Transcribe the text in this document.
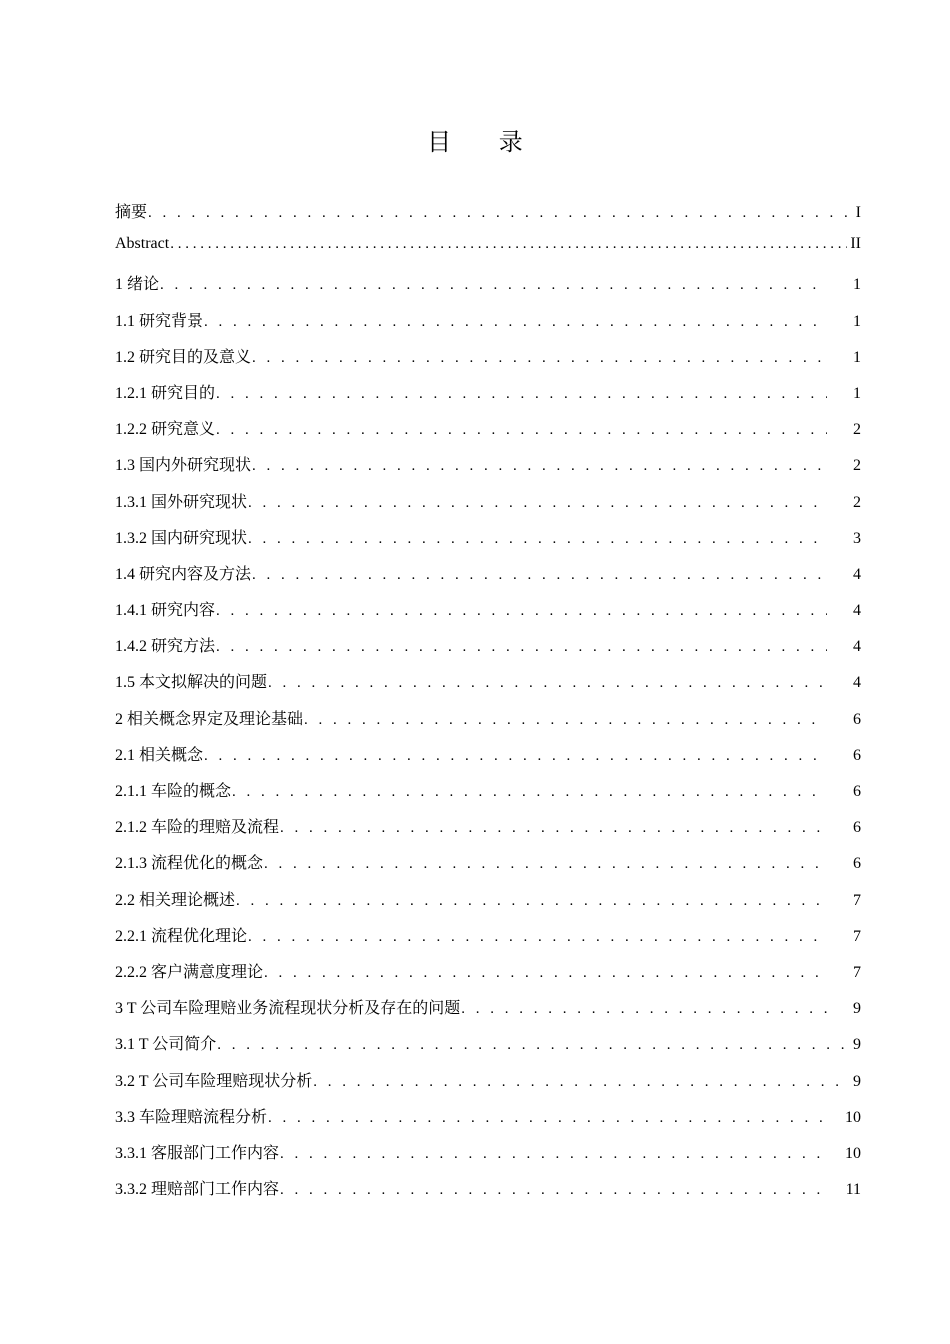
目 录
摘要 . . .	I
Abstract . . .	II
1 绪论 . . .	1
1.1 研究背景 . . .	1
1.2 研究目的及意义 . . .	1
1.2.1 研究目的 . . .	1
1.2.2 研究意义 . . .	2
1.3 国内外研究现状 . . .	2
1.3.1 国外研究现状 . . .	2
1.3.2 国内研究现状 . . .	3
1.4 研究内容及方法 . . .	4
1.4.1 研究内容 . . .	4
1.4.2 研究方法 . . .	4
1.5 本文拟解决的问题 . . .	4
2 相关概念界定及理论基础 . . .	6
2.1 相关概念 . . .	6
2.1.1 车险的概念 . . .	6
2.1.2 车险的理赔及流程 . . .	6
2.1.3 流程优化的概念 . . .	6
2.2 相关理论概述 . . .	7
2.2.1 流程优化理论 . . .	7
2.2.2 客户满意度理论 . . .	7
3 T 公司车险理赔业务流程现状分析及存在的问题 . . .	9
3.1 T 公司简介 . . .	9
3.2 T 公司车险理赔现状分析 . . .	9
3.3 车险理赔流程分析 . . .	10
3.3.1 客服部门工作内容 . . .	10
3.3.2 理赔部门工作内容 . . .	11
